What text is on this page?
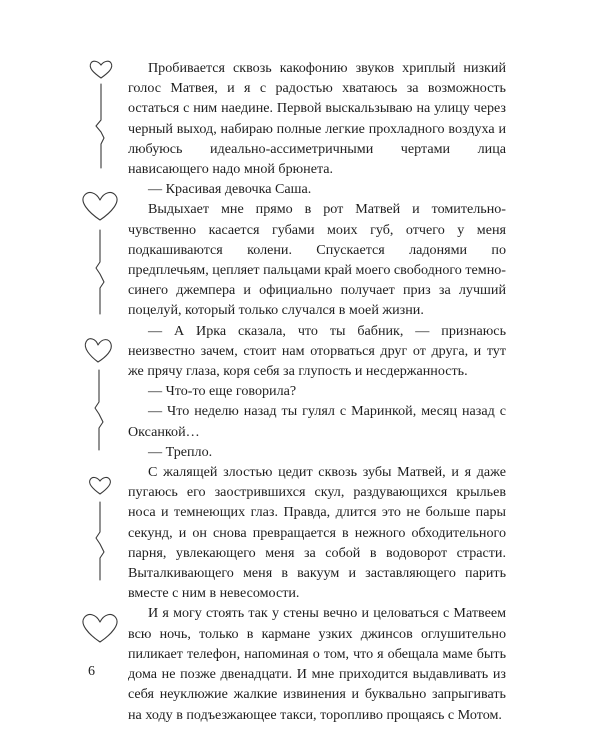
Пробивается сквозь какофонию звуков хриплый низкий голос Матвея, и я с радостью хватаюсь за возможность остаться с ним наедине. Первой выскальзываю на улицу через черный выход, набираю полные легкие прохладного воздуха и любуюсь идеально-ассиметричными чертами лица нависающего надо мной брюнета.

— Красивая девочка Саша.

Выдыхает мне прямо в рот Матвей и томительно-чувственно касается губами моих губ, отчего у меня подкашиваются колени. Спускается ладонями по предплечьям, цепляет пальцами край моего свободного темно-синего джемпера и официально получает приз за лучший поцелуй, который только случался в моей жизни.

— А Ирка сказала, что ты бабник, — признаюсь неизвестно зачем, стоит нам оторваться друг от друга, и тут же прячу глаза, коря себя за глупость и несдержанность.

— Что-то еще говорила?

— Что неделю назад ты гулял с Маринкой, месяц назад с Оксанкой…

— Трепло.

С жалящей злостью цедит сквозь зубы Матвей, и я даже пугаюсь его заострившихся скул, раздувающихся крыльев носа и темнеющих глаз. Правда, длится это не больше пары секунд, и он снова превращается в нежного обходительного парня, увлекающего меня за собой в водоворот страсти. Выталкивающего меня в вакуум и заставляющего парить вместе с ним в невесомости.

И я могу стоять так у стены вечно и целоваться с Матвеем всю ночь, только в кармане узких джинсов оглушительно пиликает телефон, напоминая о том, что я обещала маме быть дома не позже двенадцати. И мне приходится выдавливать из себя неуклюжие жалкие извинения и буквально запрыгивать на ходу в подъезжающее такси, торопливо прощаясь с Мотом.

6
